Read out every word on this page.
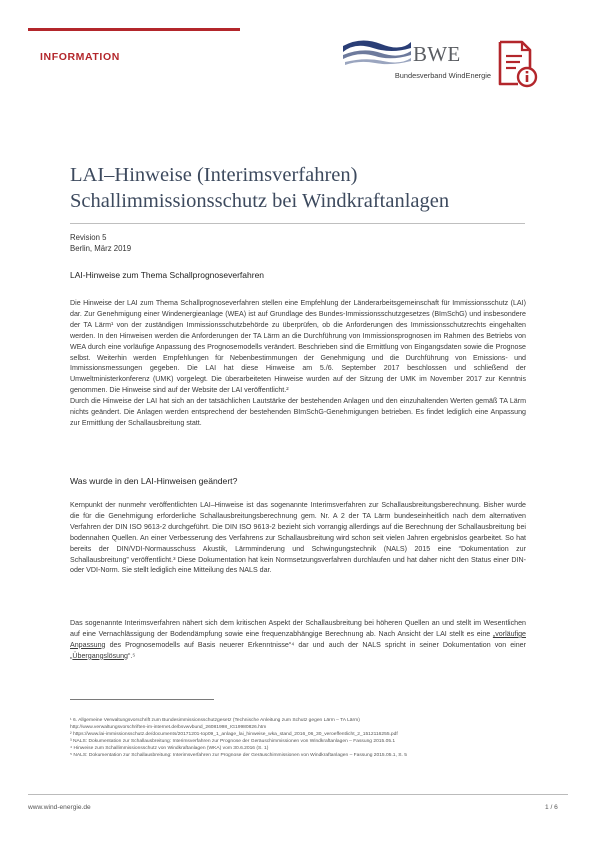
INFORMATION	BWE
Bundesverband WindEnergie
LAI–Hinweise (Interimsverfahren)
Schallimmissionsschutz bei Windkraftanlagen
Revision 5
Berlin, März 2019
LAI-Hinweise zum Thema Schallprognoseverfahren
Die Hinweise der LAI zum Thema Schallprognoseverfahren stellen eine Empfehlung der Länderarbeitsgemeinschaft für Immissionsschutz (LAI) dar. Zur Genehmigung einer Windenergieanlage (WEA) ist auf Grundlage des Bundes-Immissionsschutzgesetzes (BImSchG) und insbesondere der TA Lärm¹ von der zuständigen Immissionsschutzbehörde zu überprüfen, ob die Anforderungen des Immissionsschutzrechts eingehalten werden. In den Hinweisen werden die Anforderungen der TA Lärm an die Durchführung von Immissionsprognosen im Rahmen des Betriebs von WEA durch eine vorläufige Anpassung des Prognosemodells verändert. Beschrieben sind die Ermittlung von Eingangsdaten sowie die Prognose selbst. Weiterhin werden Empfehlungen für Nebenbestimmungen der Genehmigung und die Durchführung von Emissions- und Immissionsmessungen gegeben. Die LAI hat diese Hinweise am 5./6. September 2017 beschlossen und schließend der Umweltministerkonferenz (UMK) vorgelegt. Die überarbeiteten Hinweise wurden auf der Sitzung der UMK im November 2017 zur Kenntnis genommen. Die Hinweise sind auf der Website der LAI veröffentlicht.²
Durch die Hinweise der LAI hat sich an der tatsächlichen Lautstärke der bestehenden Anlagen und den einzuhaltenden Werten gemäß TA Lärm nichts geändert. Die Anlagen werden entsprechend der bestehenden BImSchG-Genehmigungen betrieben. Es findet lediglich eine Anpassung zur Ermittlung der Schallausbreitung statt.
Was wurde in den LAI-Hinweisen geändert?
Kernpunkt der nunmehr veröffentlichten LAI–Hinweise ist das sogenannte Interimsverfahren zur Schallausbreitungsberechnung. Bisher wurde die für die Genehmigung erforderliche Schallausbreitungsberechnung gem. Nr. A 2 der TA Lärm bundeseinheitlich nach dem alternativen Verfahren der DIN ISO 9613-2 durchgeführt. Die DIN ISO 9613-2 bezieht sich vorrangig allerdings auf die Berechnung der Schallausbreitung bei bodennahen Quellen. An einer Verbesserung des Verfahrens zur Schallausbreitung wird schon seit vielen Jahren ergebnislos gearbeitet. So hat bereits der DIN/VDI-Normausschuss Akustik, Lärmminderung und Schwingungstechnik (NALS) 2015 eine “Dokumentation zur Schallausbreitung” veröffentlicht.³ Diese Dokumentation hat kein Normsetzungsverfahren durchlaufen und hat daher nicht den Status einer DIN- oder VDI-Norm. Sie stellt lediglich eine Mitteilung des NALS dar.
Das sogenannte Interimsverfahren nähert sich dem kritischen Aspekt der Schallausbreitung bei höheren Quellen an und stellt im Wesentlichen auf eine Vernachlässigung der Bodendämpfung sowie eine frequenzabhängige Berechnung ab. Nach Ansicht der LAI stellt es eine „vorläufige Anpassung des Prognosemodells auf Basis neuerer Erkenntnisse“⁴ dar und auch der NALS spricht in seiner Dokumentation von einer „Übergangslösung“.⁵
¹ 6. Allgemeine Verwaltungsvorschrift zum Bundesimmissionsschutzgesetz (Technische Anleitung zum Schutz gegen Lärm – TA Lärm)
http://www.verwaltungsvorschriften-im-internet.de/bsvwvbund_26081998_IG19980826.htm
² https://www.lai-immissionsschutz.de/documents/20171201-top09_1_anlage_lai_hinweise_wka_stand_2016_06_30_veroeffentlicht_2_1512116255.pdf
³ NALS: Dokumentation zur Schallausbreitung: Interimsverfahren zur Prognose der Geräuschimmissionen von Windkraftanlagen – Fassung 2015.05.1
⁴ Hinweise zum Schallimmissionsschutz von Windkraftanlagen (WKA) vom 30.6.2016 (S. 1)
⁵ NALS: Dokumentation zur Schallausbreitung: Interimsverfahren zur Prognose der Geräuschimmissionen von Windkraftanlagen – Fassung 2015.05.1, S. 5
www.wind-energie.de	1 / 6
